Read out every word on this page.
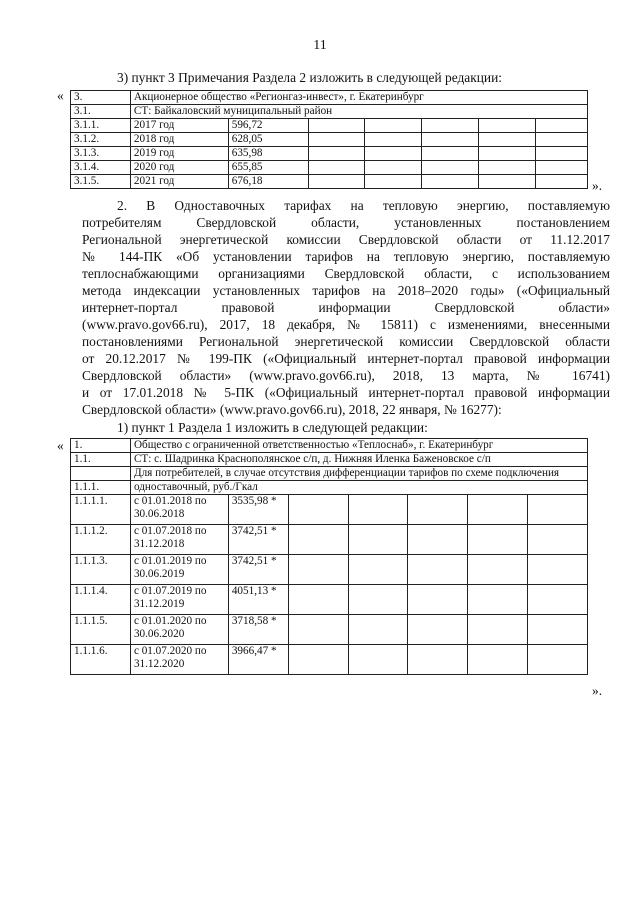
11
3) пункт 3 Примечания Раздела 2 изложить в следующей редакции:
«
».
3.	Акционерное общество «Регионгаз-инвест», г. Екатеринбург						
3.1.	СТ: Байкаловский муниципальный район						
3.1.1.	2017 год	596,72					
3.1.2.	2018 год	628,05					
3.1.3.	2019 год	635,98					
3.1.4.	2020 год	655,85					
3.1.5.	2021 год	676,18					
2. В Одноставочных тарифах на тепловую энергию, поставляемую
потребителям Свердловской области, установленных постановлением
Региональной энергетической комиссии Свердловской области от 11.12.2017
№ 144-ПК «Об установлении тарифов на тепловую энергию, поставляемую
теплоснабжающими организациями Свердловской области, с использованием
метода индексации установленных тарифов на 2018–2020 годы» («Официальный
интернет-портал правовой информации Свердловской области»
(www.pravo.gov66.ru), 2017, 18 декабря, № 15811) с изменениями, внесенными
постановлениями Региональной энергетической комиссии Свердловской области
от 20.12.2017 № 199-ПК («Официальный интернет-портал правовой информации
Свердловской области» (www.pravo.gov66.ru), 2018, 13 марта, № 16741)
и от 17.01.2018 № 5-ПК («Официальный интернет-портал правовой информации
Свердловской области» (www.pravo.gov66.ru), 2018, 22 января, № 16277):
1) пункт 1 Раздела 1 изложить в следующей редакции:
«
».
1.	Общество с ограниченной ответственностью «Теплоснаб», г. Екатеринбург						
1.1.	СТ: с. Шадринка Краснополянское с/п, д. Нижняя Иленка Баженовское с/п						
	Для потребителей, в случае отсутствия дифференциации тарифов по схеме подключения						
1.1.1.	одноставочный, руб./Гкал						
1.1.1.1.	с 01.01.2018 по 30.06.2018	3535,98 *					
1.1.1.2.	с 01.07.2018 по 31.12.2018	3742,51 *					
1.1.1.3.	с 01.01.2019 по 30.06.2019	3742,51 *					
1.1.1.4.	с 01.07.2019 по 31.12.2019	4051,13 *					
1.1.1.5.	с 01.01.2020 по 30.06.2020	3718,58 *					
1.1.1.6.	с 01.07.2020 по 31.12.2020	3966,47 *					
